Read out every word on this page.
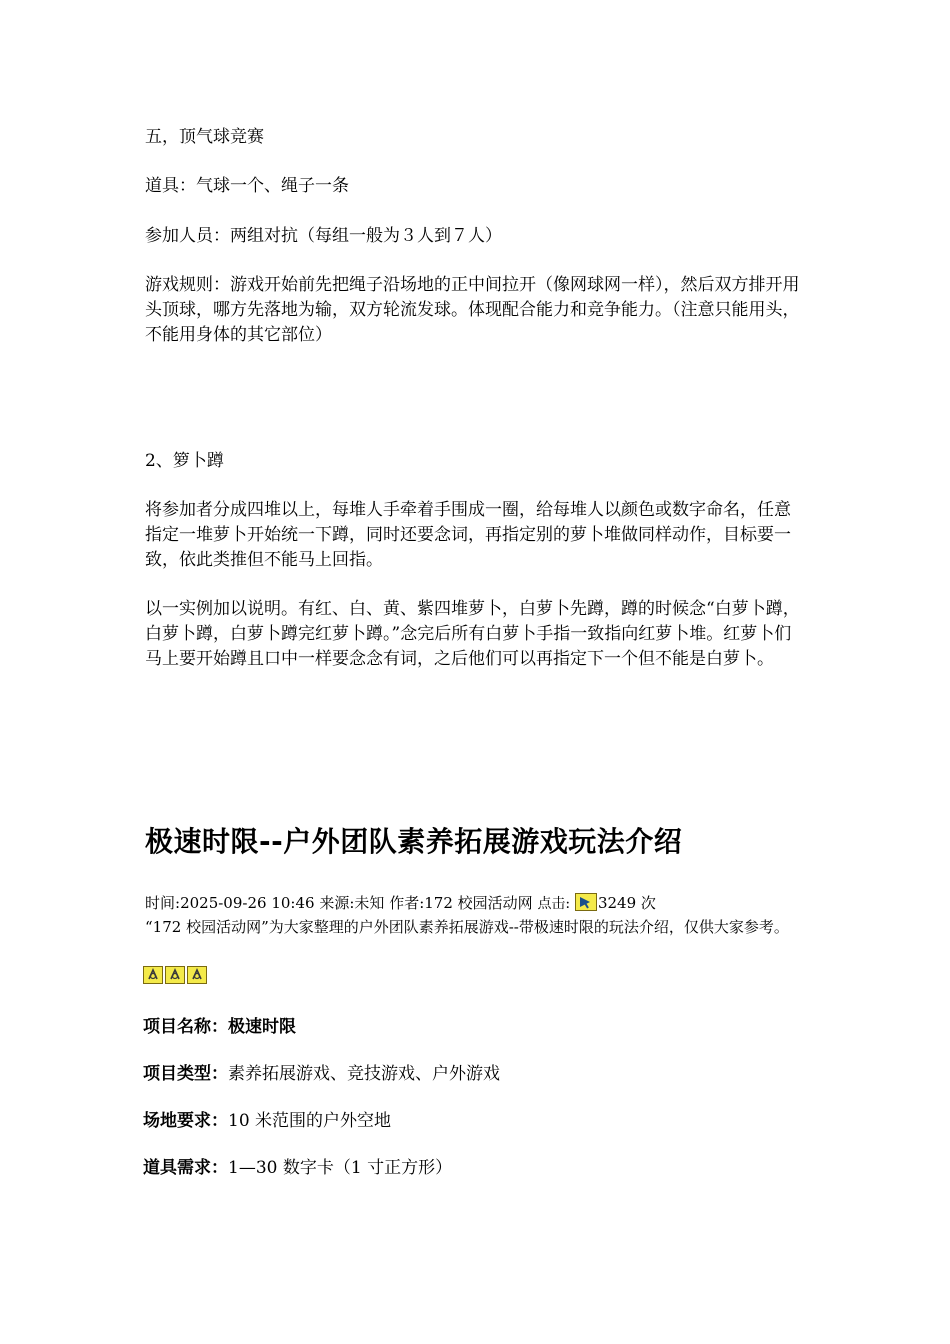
五，顶气球竞赛
道具：气球一个、绳子一条
参加人员：两组对抗（每组一般为３人到７人）
游戏规则：游戏开始前先把绳子沿场地的正中间拉开（像网球网一样），然后双方排开用头顶球，哪方先落地为输，双方轮流发球。体现配合能力和竞争能力。（注意只能用头，不能用身体的其它部位）
2、箩卜蹲
将参加者分成四堆以上，每堆人手牵着手围成一圈，给每堆人以颜色或数字命名，任意指定一堆萝卜开始统一下蹲，同时还要念词，再指定别的萝卜堆做同样动作，目标要一致，依此类推但不能马上回指。
以一实例加以说明。有红、白、黄、紫四堆萝卜，白萝卜先蹲，蹲的时候念“白萝卜蹲，白萝卜蹲，白萝卜蹲完红萝卜蹲。”念完后所有白萝卜手指一致指向红萝卜堆。红萝卜们马上要开始蹲且口中一样要念念有词，之后他们可以再指定下一个但不能是白萝卜。
极速时限--户外团队素养拓展游戏玩法介绍
时间:2025-09-26 10:46 来源:未知 作者:172 校园活动网 点击: 3249 次
“172 校园活动网”为大家整理的户外团队素养拓展游戏--带极速时限的玩法介绍，仅供大家参考。
项目名称：极速时限
项目类型：素养拓展游戏、竞技游戏、户外游戏
场地要求：10 米范围的户外空地
道具需求：1—30 数字卡（1 寸正方形）
